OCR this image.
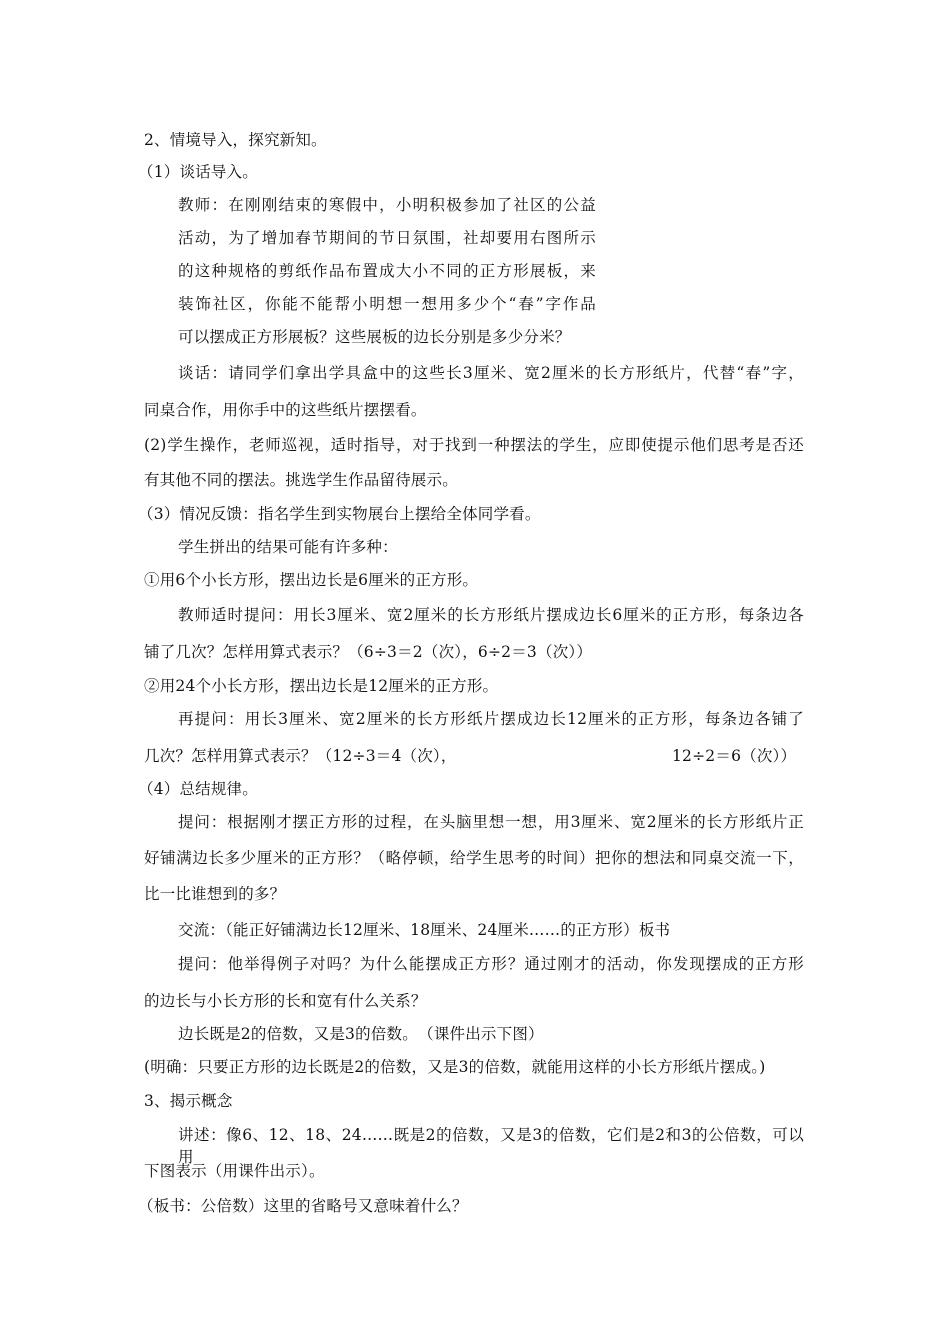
2、情境导入，探究新知。
（1）谈话导入。
教师：在刚刚结束的寒假中，小明积极参加了社区的公益
活动，为了增加春节期间的节日氛围，社却要用右图所示
的这种规格的剪纸作品布置成大小不同的正方形展板，来
装饰社区，你能不能帮小明想一想用多少个“春”字作品
可以摆成正方形展板？这些展板的边长分别是多少分米？
谈话：请同学们拿出学具盒中的这些长3厘米、宽2厘米的长方形纸片，代替“春”字，
同桌合作，用你手中的这些纸片摆摆看。
(2)学生操作，老师巡视，适时指导，对于找到一种摆法的学生，应即使提示他们思考是否还
有其他不同的摆法。挑选学生作品留待展示。
（3）情况反馈：指名学生到实物展台上摆给全体同学看。
学生拼出的结果可能有许多种：
①用6个小长方形，摆出边长是6厘米的正方形。
教师适时提问：用长3厘米、宽2厘米的长方形纸片摆成边长6厘米的正方形，每条边各
铺了几次？怎样用算式表示？（6÷3＝2（次），6÷2＝3（次））
②用24个小长方形，摆出边长是12厘米的正方形。
再提问：用长3厘米、宽2厘米的长方形纸片摆成边长12厘米的正方形，每条边各铺了
几次？怎样用算式表示？（12÷3＝4（次），	12÷2＝6（次））
（4）总结规律。
提问：根据刚才摆正方形的过程，在头脑里想一想，用3厘米、宽2厘米的长方形纸片正
好铺满边长多少厘米的正方形？（略停顿，给学生思考的时间）把你的想法和同桌交流一下，
比一比谁想到的多？
交流：（能正好铺满边长12厘米、18厘米、24厘米……的正方形）板书
提问：他举得例子对吗？为什么能摆成正方形？通过刚才的活动，你发现摆成的正方形
的边长与小长方形的长和宽有什么关系？
边长既是2的倍数，又是3的倍数。　（课件出示下图）
(明确：只要正方形的边长既是2的倍数，又是3的倍数，就能用这样的小长方形纸片摆成。)
3、揭示概念
讲述：像6、12、18、24……既是2的倍数，又是3的倍数，它们是2和3的公倍数，可以用
下图表示（用课件出示）。
（板书：公倍数）这里的省略号又意味着什么？
